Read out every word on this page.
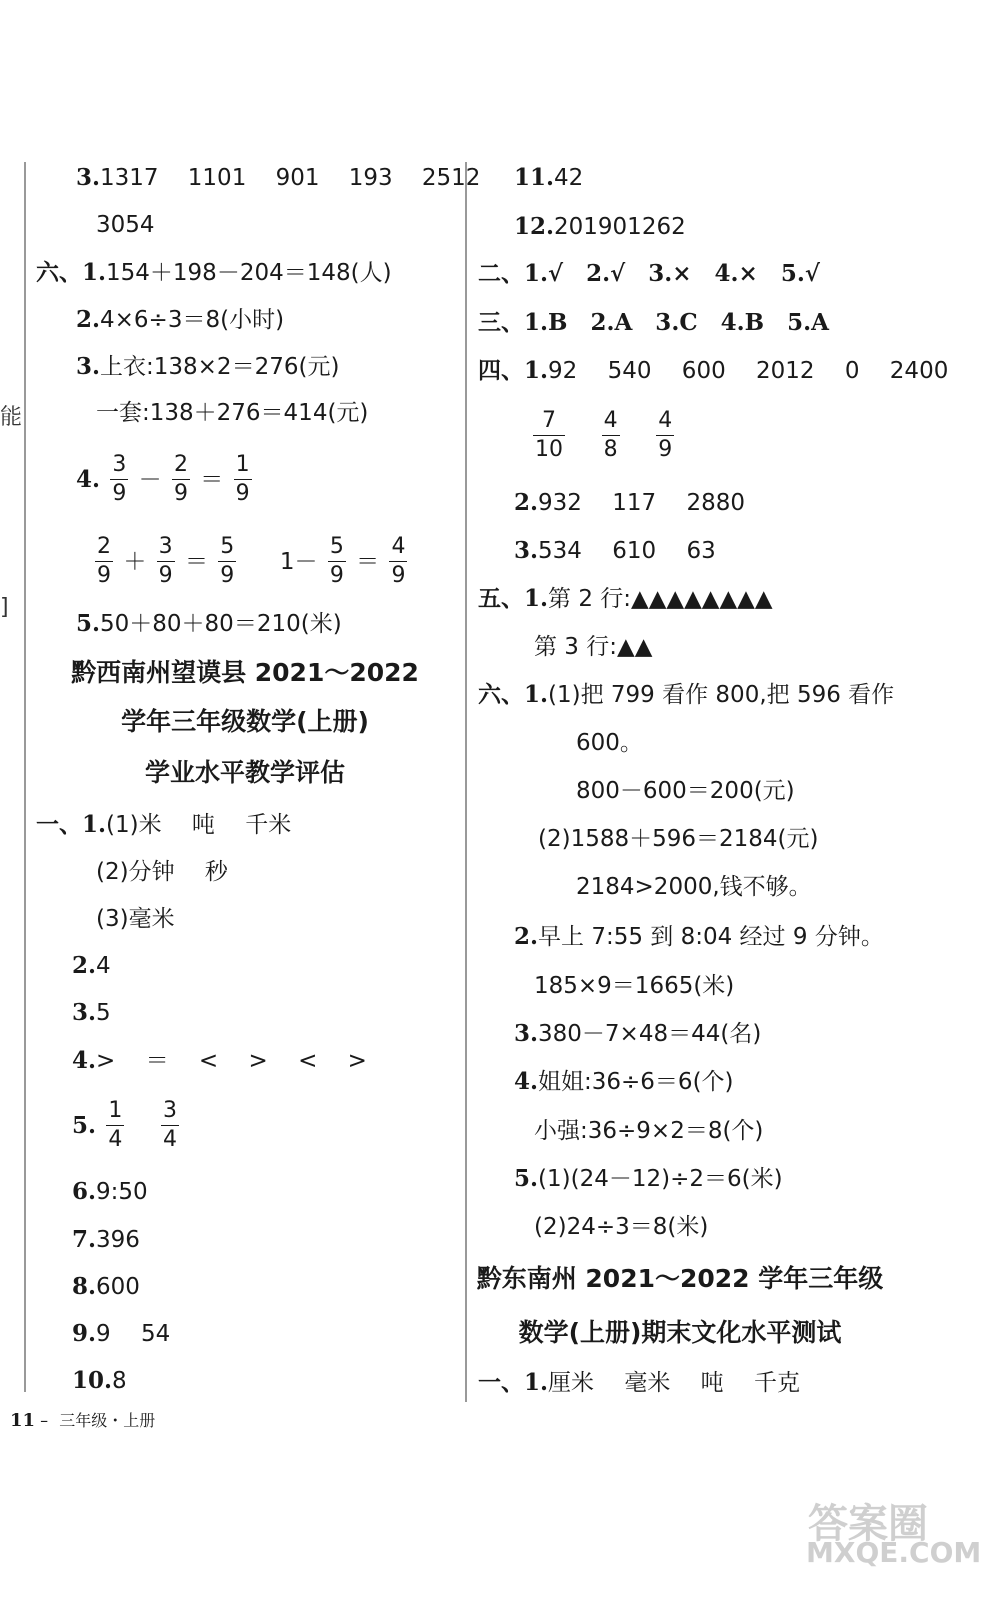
能
]
3.1317    1101    901    193    2512
3054
六、1.154＋198－204＝148(人)
2.4×6÷3＝8(小时)
3.上衣:138×2＝276(元)
一套:138＋276＝414(元)
4. $\frac{3}{9} - \frac{2}{9} = \frac{1}{9}$
$\frac{2}{9} + \frac{3}{9} = \frac{5}{9} 1- \frac{5}{9} = \frac{4}{9}$
5.50＋80＋80＝210(米)
黔西南州望谟县 2021～2022
学年三年级数学(上册)
学业水平教学评估
一、1.(1)米　 吨　 千米
(2)分钟　 秒
(3)毫米
2.4
3.5
4.>　 ＝　 <　 >　 <　 >
5. $\frac{1}{4}$
$\frac{3}{4}$
6.9:50
7.396
8.600
9.9　 54
10.8
11.42
12.201901262
二、1.√　2.√　3.×　4.×　5.√
三、1.B　2.A　3.C　4.B　5.A
四、1.92　 540　 600　 2012　 0　 2400
$\frac{7}{10}$
$\frac{4}{8}$
$\frac{4}{9}$
2.932　 117　 2880
3.534　 610　 63
五、1.第 2 行:▲▲▲▲▲▲▲▲
第 3 行:▲▲
六、1.(1)把 799 看作 800,把 596 看作
600。
800－600＝200(元)
(2)1588＋596＝2184(元)
2184>2000,钱不够。
2.早上 7:55 到 8:04 经过 9 分钟。
185×9＝1665(米)
3.380－7×48＝44(名)
4.姐姐:36÷6＝6(个)
小强:36÷9×2＝8(个)
5.(1)(24－12)÷2＝6(米)
(2)24÷3＝8(米)
黔东南州 2021～2022 学年三年级
数学(上册)期末文化水平测试
一、1.厘米　 毫米　 吨　 千克
11 – 三年级・上册
答案圈
MXQE.COM
